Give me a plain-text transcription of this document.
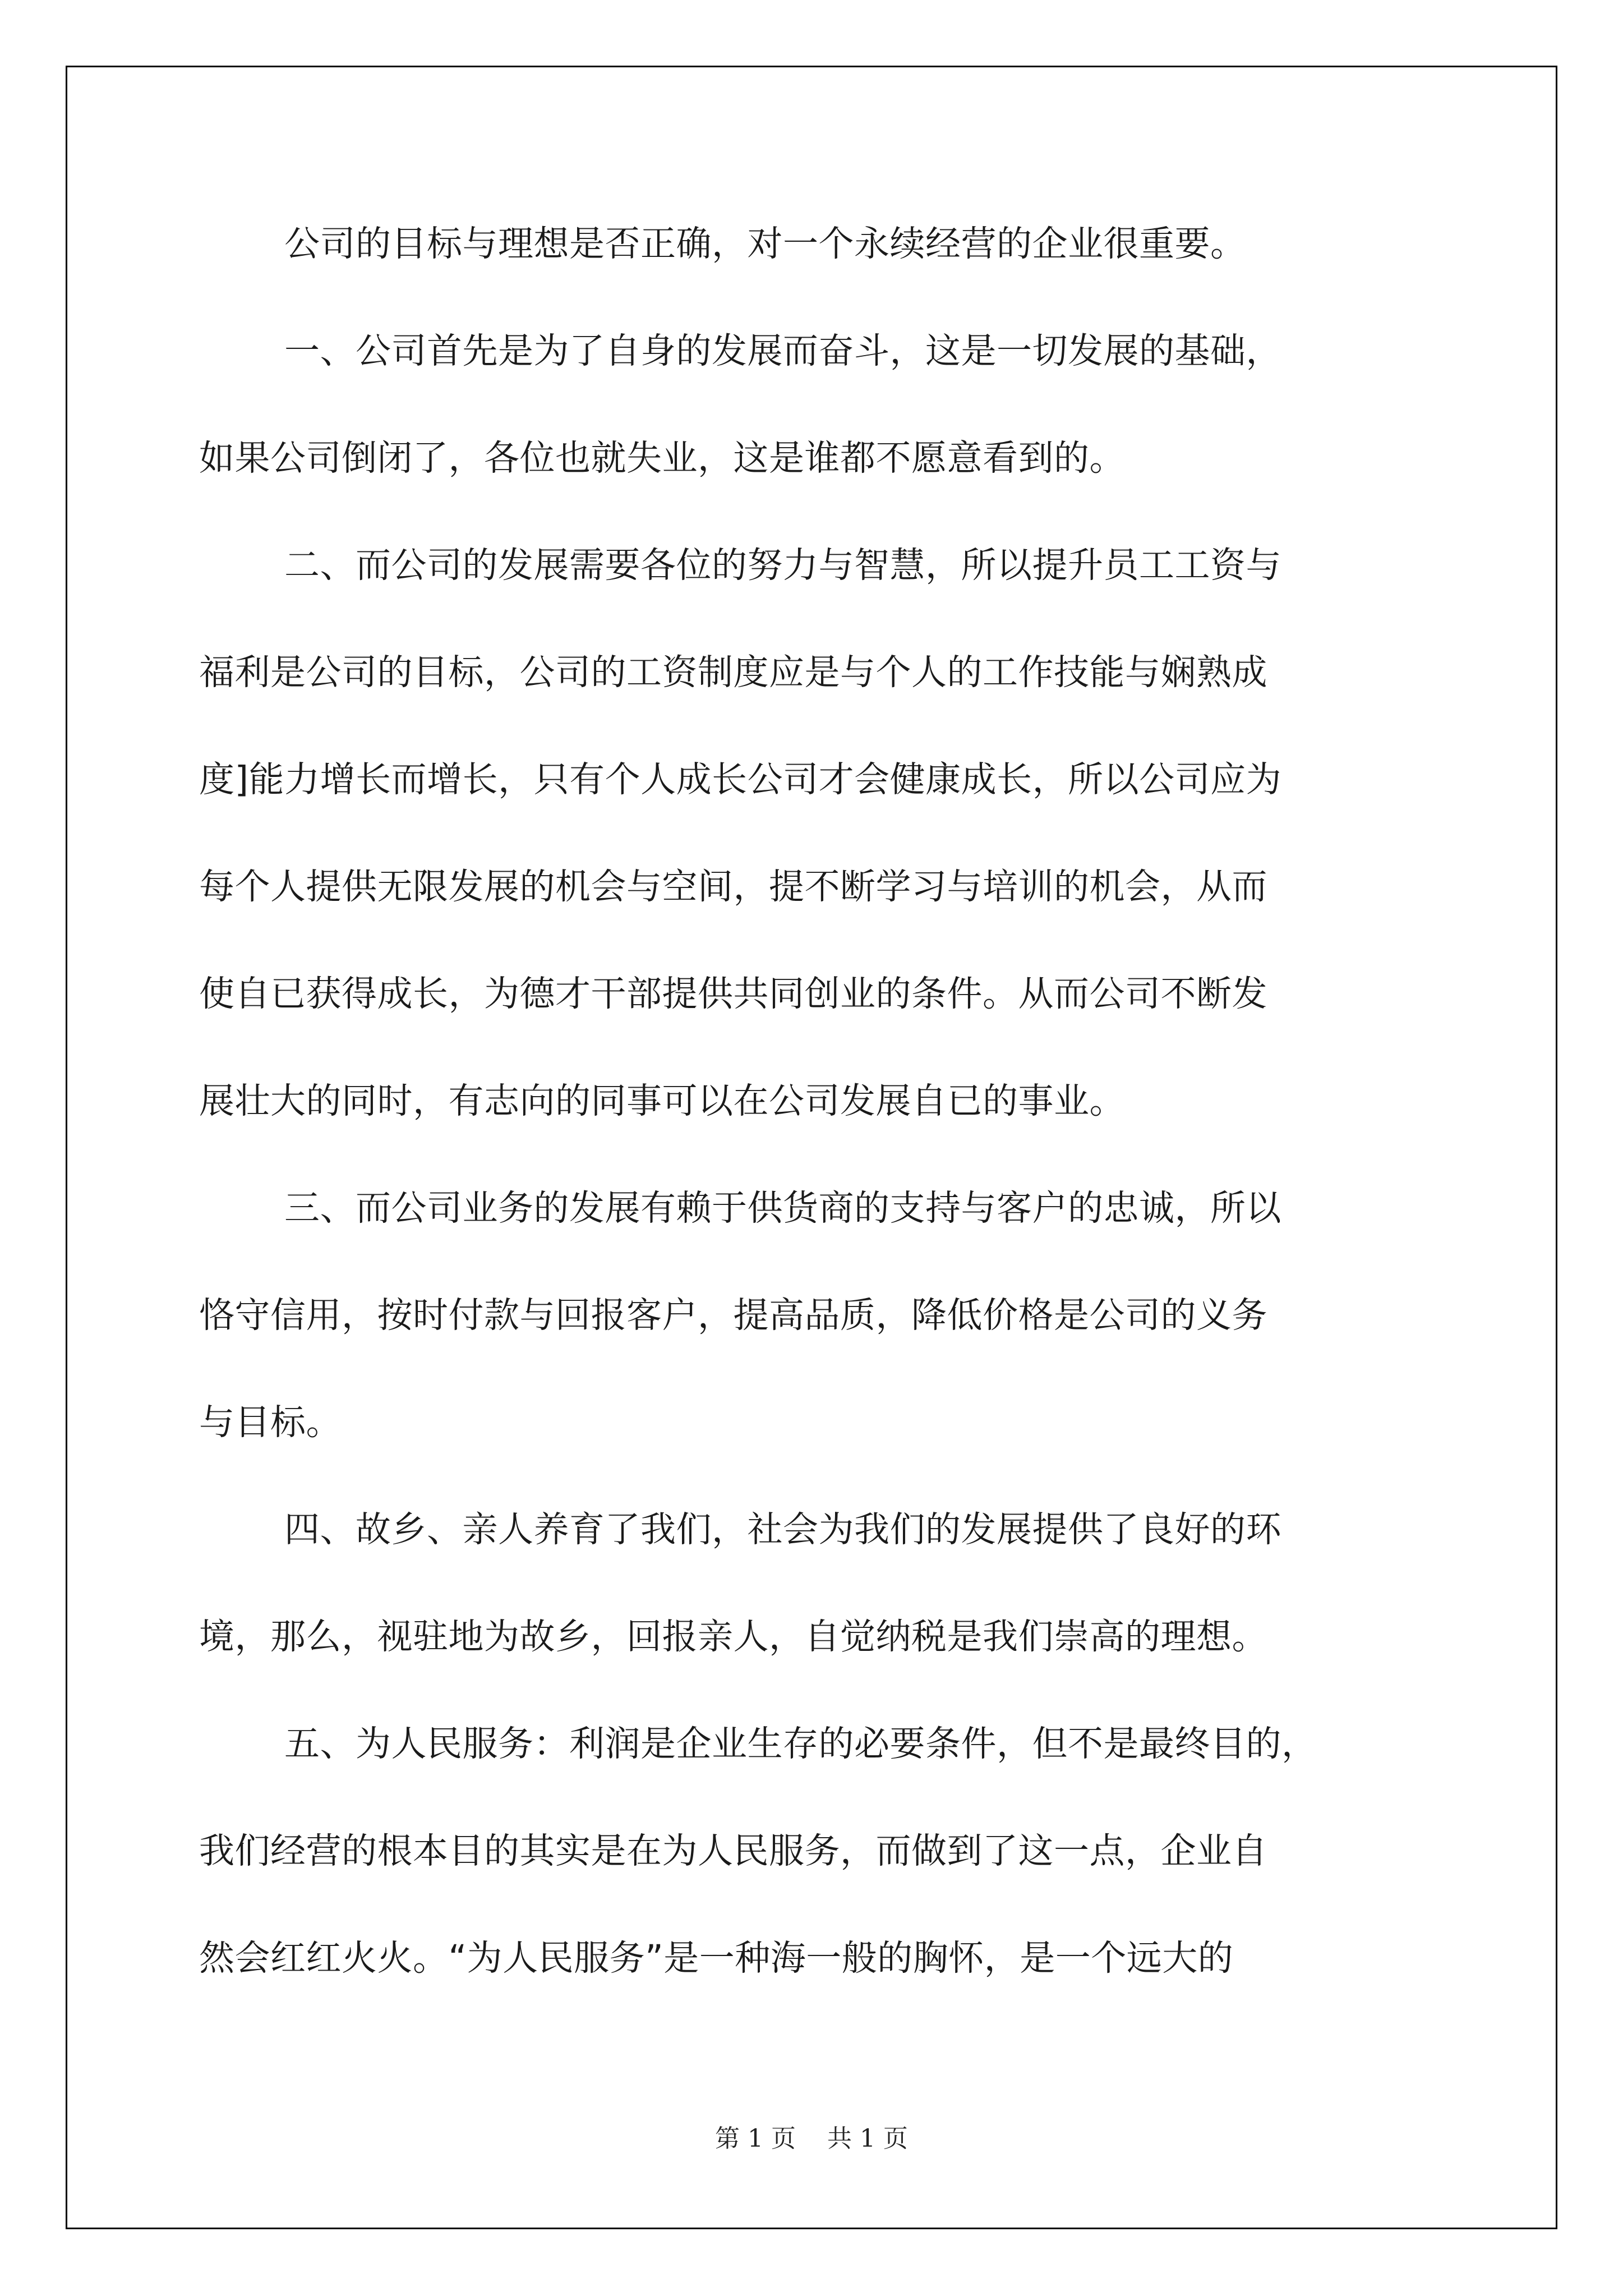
公司的目标与理想是否正确，对一个永续经营的企业很重要。
一、公司首先是为了自身的发展而奋斗，这是一切发展的基础，
如果公司倒闭了，各位也就失业，这是谁都不愿意看到的。
二、而公司的发展需要各位的努力与智慧，所以提升员工工资与
福利是公司的目标，公司的工资制度应是与个人的工作技能与娴熟成
度]能力增长而增长，只有个人成长公司才会健康成长，所以公司应为
每个人提供无限发展的机会与空间，提不断学习与培训的机会，从而
使自已获得成长，为德才干部提供共同创业的条件。从而公司不断发
展壮大的同时，有志向的同事可以在公司发展自已的事业。
三、而公司业务的发展有赖于供货商的支持与客户的忠诚，所以
恪守信用，按时付款与回报客户，提高品质，降低价格是公司的义务
与目标。
四、故乡、亲人养育了我们，社会为我们的发展提供了良好的环
境，那么，视驻地为故乡，回报亲人，自觉纳税是我们崇高的理想。
五、为人民服务：利润是企业生存的必要条件，但不是最终目的，
我们经营的根本目的其实是在为人民服务，而做到了这一点，企业自
然会红红火火。“为人民服务”是一种海一般的胸怀，是一个远大的
第 1 页 共 1 页
